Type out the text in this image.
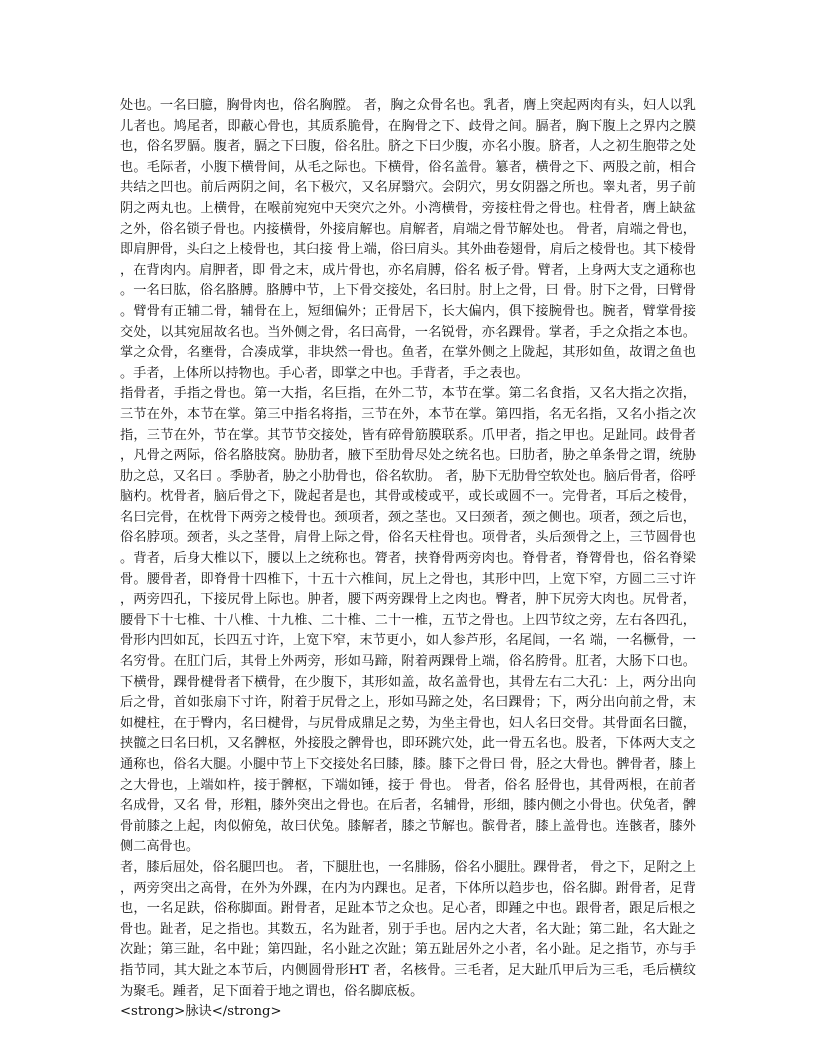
处也。一名曰臆，胸骨肉也，俗名胸膛。 者，胸之众骨名也。乳者，膺上突起两肉有头，妇人以乳儿者也。鸠尾者，即蔽心骨也，其质系脆骨，在胸骨之下、歧骨之间。膈者，胸下腹上之界内之膜也，俗名罗膈。腹者，膈之下曰腹，俗名肚。脐之下曰少腹，亦名小腹。脐者，人之初生胞带之处也。毛际者，小腹下横骨间，从毛之际也。下横骨，俗名盖骨。簒者，横骨之下、两股之前，相合共结之凹也。前后两阴之间，名下极穴，又名屏翳穴。会阴穴，男女阴器之所也。睾丸者，男子前阴之两丸也。上横骨，在喉前宛宛中天突穴之外。小湾横骨，旁接柱骨之骨也。柱骨者，膺上缺盆之外，俗名锁子骨也。内接横骨，外接肩解也。肩解者，肩端之骨节解处也。 骨者，肩端之骨也，即肩胛骨，头臼之上棱骨也，其臼接 骨上端，俗曰肩头。其外曲卷翅骨，肩后之棱骨也。其下棱骨，在背肉内。肩胛者，即 骨之末，成片骨也，亦名肩膊，俗名 板子骨。臂者，上身两大支之通称也。一名曰肱，俗名胳膊。胳膊中节，上下骨交接处，名曰肘。肘上之骨，曰 骨。肘下之骨，曰臂骨。臂骨有正辅二骨，辅骨在上，短细偏外；正骨居下，长大偏内，俱下接腕骨也。腕者，臂掌骨接交处，以其宛屈故名也。当外侧之骨，名曰高骨，一名锐骨，亦名踝骨。掌者，手之众指之本也。掌之众骨，名壅骨，合凑成掌，非块然一骨也。鱼者，在掌外侧之上陇起，其形如鱼，故谓之鱼也。手者，上体所以持物也。手心者，即掌之中也。手背者，手之表也。

指骨者，手指之骨也。第一大指，名巨指，在外二节，本节在掌。第二名食指，又名大指之次指，三节在外，本节在掌。第三中指名将指，三节在外，本节在掌。第四指，名无名指，又名小指之次指，三节在外，节在掌。其节节交接处，皆有碎骨筋膜联系。爪甲者，指之甲也。足趾同。歧骨者，凡骨之两际，俗名胳肢窝。胁肋者，腋下至肋骨尽处之统名也。曰肋者，胁之单条骨之谓，统胁肋之总，又名曰 。季胁者，胁之小肋骨也，俗名软肋。 者，胁下无肋骨空软处也。脑后骨者，俗呼脑杓。枕骨者，脑后骨之下，陇起者是也，其骨或棱或平，或长或圆不一。完骨者，耳后之棱骨，名曰完骨，在枕骨下两旁之棱骨也。颈项者，颈之茎也。又曰颈者，颈之侧也。项者，颈之后也，俗名脖项。颈者，头之茎骨，肩骨上际之骨，俗名天柱骨也。项骨者，头后颈骨之上，三节圆骨也。背者，后身大椎以下，腰以上之统称也。膂者，挟脊骨两旁肉也。脊骨者，脊膂骨也，俗名脊梁骨。腰骨者，即脊骨十四椎下，十五十六椎间，尻上之骨也，其形中凹，上宽下窄，方圆二三寸许，两旁四孔，下接尻骨上际也。肿者，腰下两旁踝骨上之肉也。臀者，肿下尻旁大肉也。尻骨者，腰骨下十七椎、十八椎、十九椎、二十椎、二十一椎，五节之骨也。上四节纹之旁，左右各四孔，骨形内凹如瓦，长四五寸许，上宽下窄，末节更小，如人参芦形，名尾闾，一名 端，一名橛骨，一名穷骨。在肛门后，其骨上外两旁，形如马蹄，附着两踝骨上端，俗名胯骨。肛者，大肠下口也。下横骨，踝骨楗骨者下横骨，在少腹下，其形如盖，故名盖骨也，其骨左右二大孔：上，两分出向后之骨，首如张扇下寸许，附着于尻骨之上，形如马蹄之处，名曰踝骨；下，两分出向前之骨，末如楗柱，在于臀内，名曰楗骨，与尻骨成鼎足之势，为坐主骨也，妇人名曰交骨。其骨面名曰髋，挟髋之曰名曰机，又名髀枢，外接股之髀骨也，即环跳穴处，此一骨五名也。股者，下体两大支之通称也，俗名大腿。小腿中节上下交接处名曰膝，膝。膝下之骨曰 骨，胫之大骨也。髀骨者，膝上之大骨也，上端如杵，接于髀枢，下端如锤，接于 骨也。 骨者，俗名 胫骨也，其骨两根，在前者名成骨，又名 骨，形粗，膝外突出之骨也。在后者，名辅骨，形细，膝内侧之小骨也。伏兔者，髀骨前膝之上起，肉似俯兔，故曰伏兔。膝解者，膝之节解也。髌骨者，膝上盖骨也。连骸者，膝外侧二高骨也。

者，膝后屈处，俗名腿凹也。 者，下腿肚也，一名腓肠，俗名小腿肚。踝骨者， 骨之下，足附之上，两旁突出之高骨，在外为外踝，在内为内踝也。足者，下体所以趋步也，俗名脚。跗骨者，足背也，一名足趺，俗称脚面。跗骨者，足趾本节之众也。足心者，即踵之中也。跟骨者，跟足后根之骨也。趾者，足之指也。其数五，名为趾者，别于手也。居内之大者，名大趾；第二趾，名大趾之次趾；第三趾，名中趾；第四趾，名小趾之次趾；第五趾居外之小者，名小趾。足之指节，亦与手指节同，其大趾之本节后，内侧圆骨形HT 者，名核骨。三毛者，足大趾爪甲后为三毛，毛后横纹为聚毛。踵者，足下面着于地之谓也，俗名脚底板。

<strong>脉诀</strong>
